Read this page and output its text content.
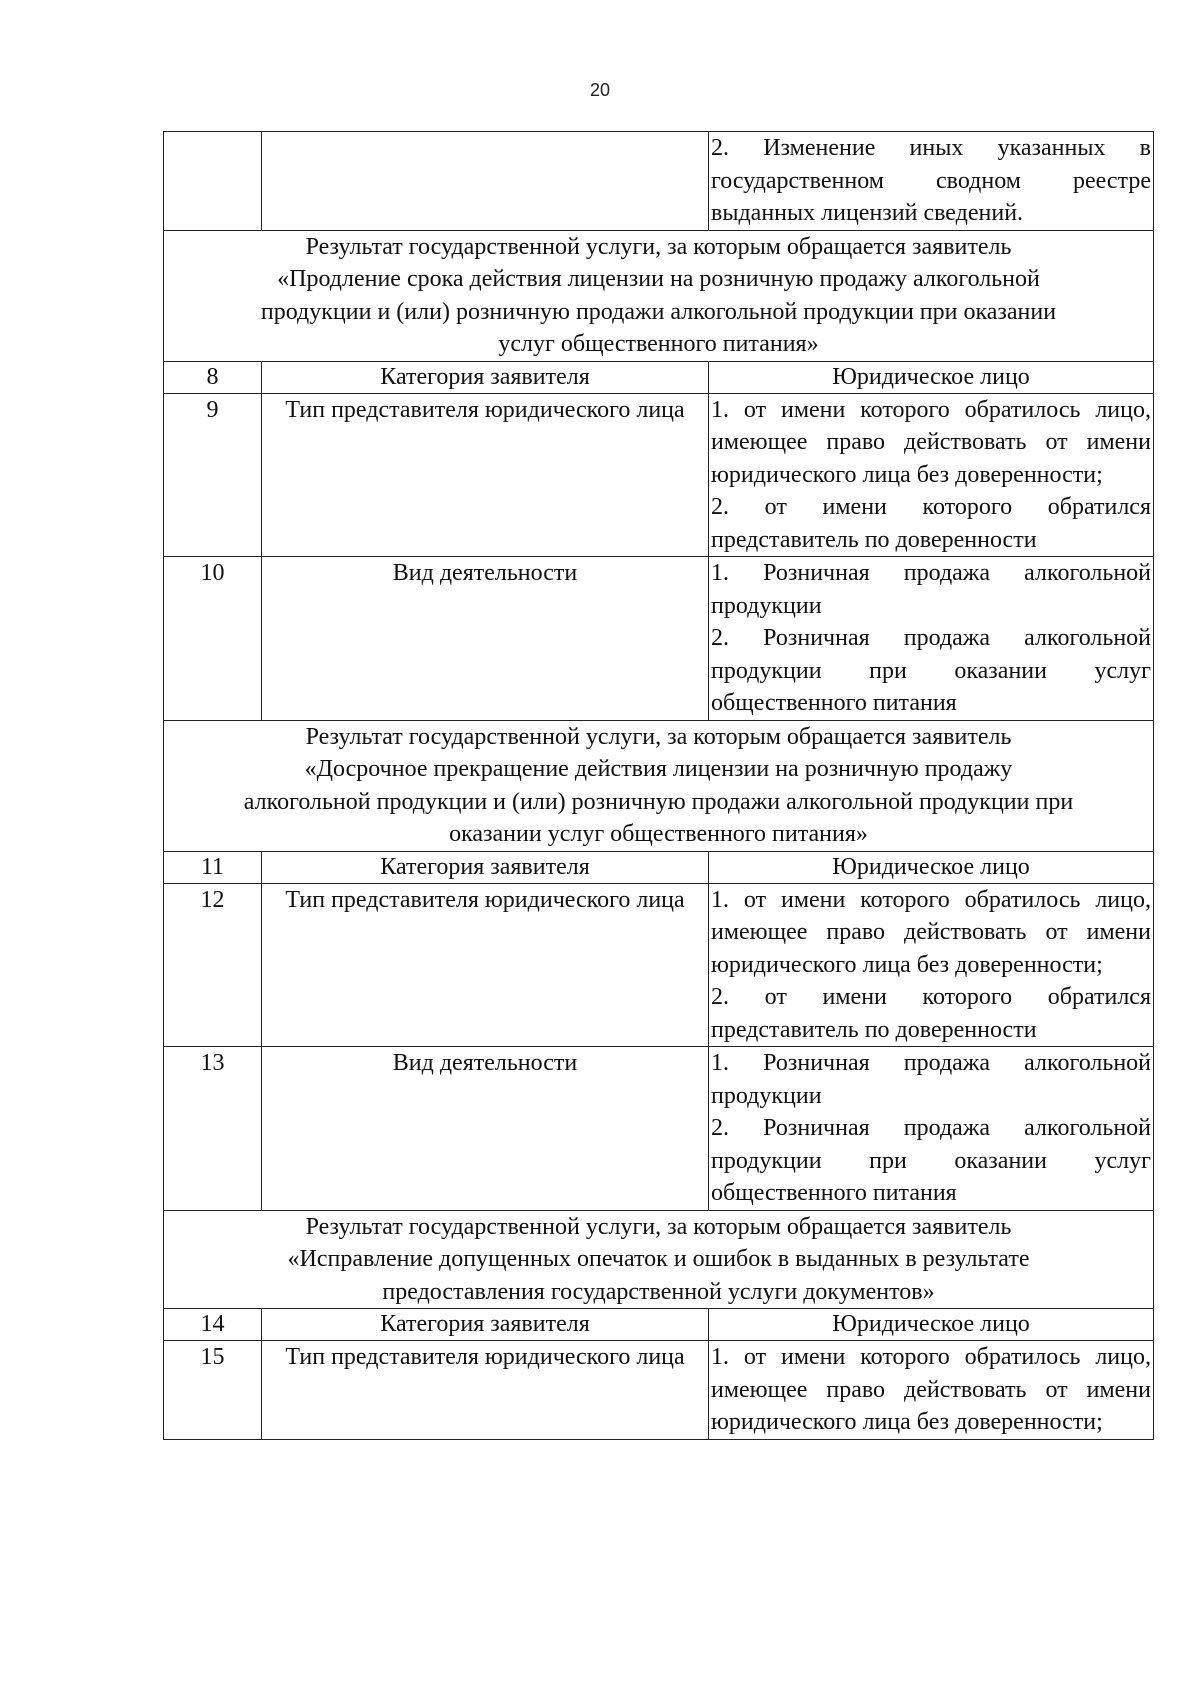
20

		2. Изменение иных указанных в

государственном сводном реестре

выданных лицензий сведений.

Результат государственной услуги, за которым обращается заявитель
«Продление срока действия лицензии на розничную продажу алкогольной
продукции и (или) розничную продажи алкогольной продукции при оказании
услуг общественного питания»		

8	Категория заявителя	Юридическое лицо
9	Тип представителя юридического лица	1. от имени которого обратилось лицо, имеющее право действовать от имени юридического лица без доверенности;

2. от имени которого обратился представитель по доверенности

10	Вид деятельности	1. Розничная продажа алкогольной продукции

2. Розничная продажа алкогольной продукции при оказании услуг общественного питания

Результат государственной услуги, за которым обращается заявитель
«Досрочное прекращение действия лицензии на розничную продажу
алкогольной продукции и (или) розничную продажи алкогольной продукции при
оказании услуг общественного питания»		

11	Категория заявителя	Юридическое лицо
12	Тип представителя юридического лица	1. от имени которого обратилось лицо, имеющее право действовать от имени юридического лица без доверенности;

2. от имени которого обратился представитель по доверенности

13	Вид деятельности	1. Розничная продажа алкогольной продукции

2. Розничная продажа алкогольной продукции при оказании услуг общественного питания

Результат государственной услуги, за которым обращается заявитель
«Исправление допущенных опечаток и ошибок в выданных в результате
предоставления государственной услуги документов»		

14	Категория заявителя	Юридическое лицо
15	Тип представителя юридического лица	1. от имени которого обратилось лицо, имеющее право действовать от имени юридического лица без доверенности;
